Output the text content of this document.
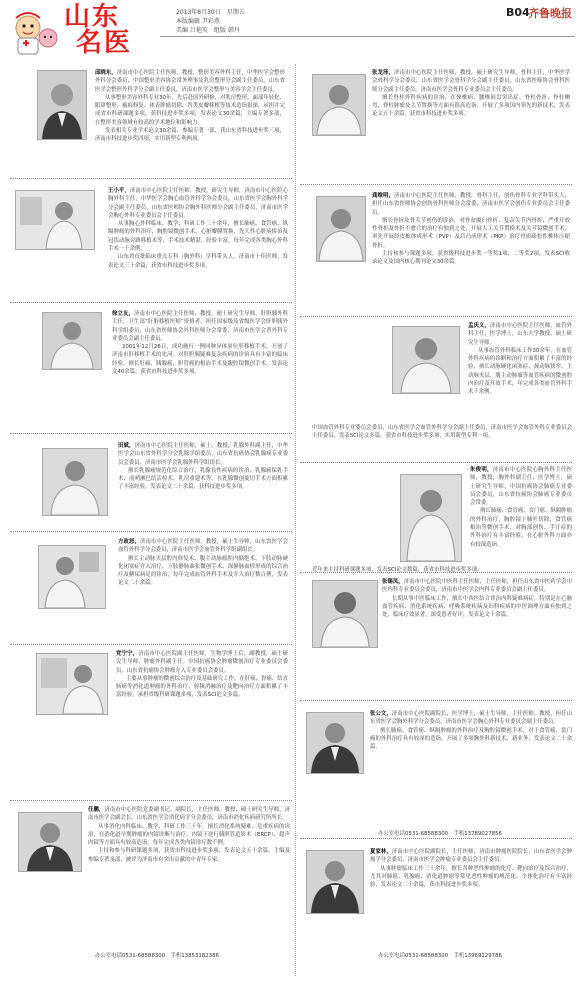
山东
名医
2013年8月30日　星期五
本版编辑 尹彩燕
美编 吕艳英　组版 韩丹
B04
齐鲁晚报

邱晓东，济南市中心医院主任医师，教授，整形美容外科主任，中华医学会整形外科分会委员，中国整形美容协会常务理事及乳房整形分会副主任委员，山东省医学会整形外科学分会副主任委员，济南市医学会整形与美容学会主任委员。

从事整形美容外科专业30年，先后赴国外研修，对乳房整形、面部年轻化、眼鼻整形、瘢痕修复、体表肿瘤切除、各类皮瓣移植等技术造诣很深，承担并完成省市科研课题多项，获科技进步奖多项，发表论文30余篇，主编专著多部，在整形美容领域有较高的学术地位和影响力。

发表相关专业学术论文30余篇，参编专著一部，获山东省科技进步奖三项，济南市科技进步奖四项，实用新型专利两项。

王小平，济南市中心医院主任医师，教授，研究生导师，济南市中心医院心胸外科主任，中华医学会胸心血管外科学分会委员，山东省医学会胸外科学分会副主任委员，山东省医师协会胸外科医师分会副主任委员，济南市医学会胸心外科专业委员会主任委员。

从事胸心外科临床、教学、科研工作三十余年，擅长肺癌、食管癌、纵隔肿瘤的外科治疗，胸腔镜微创手术，心脏瓣膜置换，先天性心脏病矫治及冠状动脉旁路移植术等，手术技术精湛，经验丰富，每年完成各类胸心外科手术一千余例。

山东省首批临床重点专科（胸外科）学科带头人，济南市十佳医师，发表论文三十余篇，获省市科技进步奖多项。

徐立友，济南市中心医院主任医师，教授，硕士研究生导师，肝胆胰外科主任，卫生部“肝脏移植医师”资格者，担任国家级及省级医学会肝胆胰外科学组委员，山东省医师协会外科医师分会常委，济南市医学会普外科专业委员会副主任委员。

2001年12月26日，成功施行一例同种异体原位肝移植手术，开创了济南市肝移植手术的先河。对肝胆胰疑难复杂疾病的诊治具有丰富的临床经验，擅长肝癌、胰腺癌、胆管癌的根治手术及腹腔镜微创手术，发表论文40余篇，获省市科技进步奖多项。

田斌，济南市中心医院主任医师，硕士，教授，乳腺外科副主任，中华医学会山东省外科学分会乳腺学组委员，山东省抗癌协会乳腺癌专业委员会委员，济南市医学会乳腺外科学组组长。

擅长乳腺癌规范化综合治疗，乳腺良性疾病的诊治，乳腺癌保乳手术、前哨淋巴结活检术、乳房重建术等，在乳腺微创旋切手术方面积累了丰富经验，发表论文二十余篇，获科技进步奖多项。

方政怒，济南市中心医院主任医师，教授，硕士生导师，山东省医学会血管外科学分会委员，济南市医学会血管外科学组副组长。

擅长主动脉夹层腔内修复术、腹主动脉瘤腔内隔绝术、下肢动脉硬化闭塞症介入治疗、下肢静脉曲张微创手术、深静脉血栓形成的综合治疗及糖尿病足的诊治，每年完成血管外科手术及介入治疗数百例，发表论文二十余篇。

党宁宁，济南市中心医院副主任医师，生物学博士后，副教授，硕士研究生导师，肿瘤外科副主任。中国抗癌协会肿瘤微创治疗专业委员会委员，山东省抗癌协会肿瘤介入专业委员会委员。

主要从事肿瘤的微创综合治疗及基础研究工作，在肝癌、胃癌、结直肠癌等消化道肿瘤的外科治疗、射频消融治疗及靶向治疗方面积累了丰富经验，承担省级科研课题多项，发表SCI论文多篇。

任鹏，济南市中心医院党委副书记、副院长，主任医师，教授，硕士研究生导师，济南市医学会副会长，山东省医学会消化病学分会委员，济南市消化疾病研究所所长。

从事消化内科临床、教学、科研工作三十年，擅长消化系统疑难、危重疾病的诊治，在消化道早期肿瘤的内镜诊断与治疗、内镜下逆行胰胆管造影术（ERCP）、超声内镜等方面具有较高造诣，每年完成各类内镜诊疗数千例。

主持和参与科研课题多项，获省市科技进步奖多项，发表论文五十余篇，主编及参编专著多部，被评为济南市有突出贡献的中青年专家。

办公室电话0531-68588300　手机13853182386

张龙泽，济南市中心医院主任医师，教授，硕士研究生导师，骨科主任，中华医学会骨科学分会委员，山东省医学会骨科学分会副主任委员，山东省医师协会骨科医师分会副主任委员，济南市医学会骨科专业委员会主任委员。

擅长脊柱外科疾病的诊治，在颈椎病、腰椎间盘突出症、脊柱骨折、脊柱侧弯、脊柱肿瘤及关节置换等方面有很高造诣，开展了多项国内领先的新技术，发表论文五十余篇，获省市科技进步奖多项。

龚维明，济南市中心医院主任医师，教授，骨科主任，创伤骨科专业学科带头人，担任山东省医师协会创伤骨科医师分会常委，济南市医学会创伤专业委员会主任委员。

擅长骨折及骨关节创伤的诊治，对骨盆髋臼骨折、复杂关节内骨折、严重开放性骨折及骨折不愈合的治疗有独到之处，开展人工关节置换术及关节镜微创手术，率先开展经皮椎体成形术（PVP）及后凸成形术（PKP）治疗骨质疏松性椎体压缩骨折。

主持和参与课题多项，获省级科技进步奖一等奖1项、二等奖2项，发表SCI收录论文及国内核心期刊论文30余篇。

孟庆义，济南市中心医院主任医师，血管外科主任，医学博士，山东大学教授、硕士研究生导师。

从事血管外科临床工作30余年，在血管外科疾病的诊断和治疗方面积累了丰富的经验，擅长动脉硬化闭塞症、颈动脉狭窄、主动脉夹层、腹主动脉瘤等血管疾病的微创腔内治疗及开放手术，年完成各类血管外科手术千余例。

中国血管外科专业委员会委员，山东省医学会血管外科学分会副主任委员，济南市医学会血管外科专业委员会主任委员，发表SCI论文多篇，获省市科技进步奖多项，实用新型专利一项。

朱俊明，济南市中心医院心胸外科主任医师，教授，胸外科副主任，医学博士，硕士研究生导师，中国抗癌协会肺癌专业委员会委员，山东省抗癌协会肺癌专业委员会常委。

擅长肺癌、食管癌、贲门癌、纵隔肿瘤的外科治疗，胸腔镜下肺叶切除、食管癌根治等微创手术，对胸部创伤、手汗症的外科治疗有丰富经验，在心脏外科方面亦有较深造诣。

近年来主持科研课题多项，发表SCI论文数篇，获省市科技进步奖多项。

张锡凤，济南市中心医院中医科主任医师，主任医师，担任山东省中医药学会中医内科专业委员会委员，济南市中医学会内科专业委员会副主任委员。

长期从事中医临床工作，擅长中西医结合诊治内科疑难病症，特别是在心脑血管疾病、消化系统疾病、呼吸系统疾病及妇科疾病的中医调理方面有独到之处，临床疗效显著，深受患者好评，发表论文十余篇。

张公文，济南市中心医院副院长，医学博士，硕士生导师，主任医师，教授，担任山东省医学会胸外科学分会委员，济南市医学会胸心外科专业委员会副主任委员。

擅长肺癌、食管癌、纵隔肿瘤的外科治疗及胸腔镜微创手术，对于食管癌、贲门癌的外科治疗具有较深的造诣，开展了多项胸外科新技术、新业务，发表论文二十余篇。

办公室电话0531-68588300　手机13789027856

夏家林，济南市中心医院副院长，主任医师，济南市肿瘤医院院长，山东省医学会肿瘤学分会委员，济南市医学会肿瘤专业委员会主任委员。

从事肿瘤临床工作三十余年，擅长各种恶性肿瘤的化疗、靶向治疗及综合治疗，尤其对肺癌、乳腺癌、消化道肿瘤等常见恶性肿瘤的规范化、个体化治疗有丰富经验，发表论文二十余篇，获市科技进步奖多项。

办公室电话0531-68588300　手机13969129786
